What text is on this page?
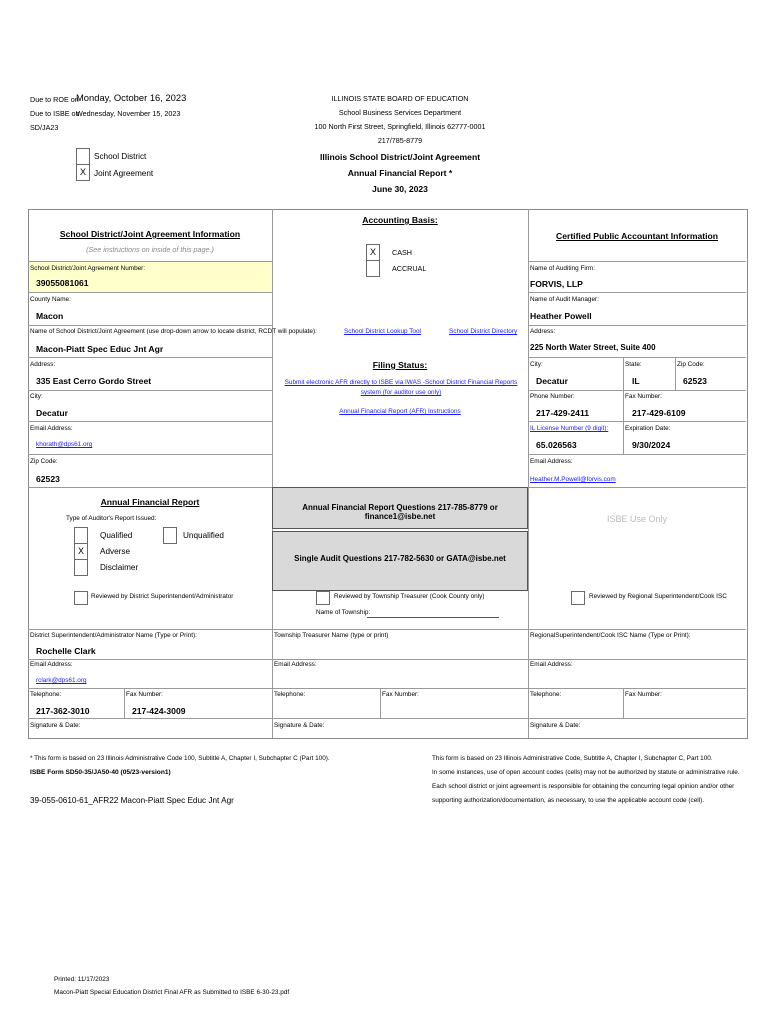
Due to ROE on
Monday, October 16, 2023
Due to ISBE on
Wednesday, November 15, 2023
SD/JA23
X
School District
Joint Agreement
ILLINOIS STATE BOARD OF EDUCATION
School Business Services Department
100 North First Street, Springfield, Illinois 62777-0001
217/785-8779
Illinois School District/Joint Agreement
Annual Financial Report *
June 30, 2023
School District/Joint Agreement Information
(See instructions on inside of this page.)
School District/Joint Agreement Number:
39055081061
County Name:
Macon
Name of School District/Joint Agreement (use drop-down arrow to locate district, RCDT will populate):
Macon-Piatt Spec Educ Jnt Agr
Address:
335 East Cerro Gordo Street
City:
Decatur
Email Address:
khorath@dps61.org
Zip Code:
62523
Accounting Basis:
X	CASH
ACCRUAL
School District Lookup Tool	School District Directory
Filing Status:
Submit electronic AFR directly to ISBE via IWAS -School District Financial Reports system (for auditor use only)
Annual Financial Report (AFR) Instructions
Certified Public Accountant Information
Name of Auditing Firm:
FORVIS, LLP
Name of Audit Manager:
Heather Powell
Address:
225 North Water Street, Suite 400
City:
Decatur
State:
IL
Zip Code:
62523
Phone Number:
217-429-2411
Fax Number:
217-429-6109
IL License Number (9 digit):
65.026563
Expiration Date:
9/30/2024
Email Address:
Heather.M.Powell@forvis.com
Annual Financial Report
Type of Auditor's Report Issued:
X
Qualified
Adverse
Disclaimer
Unqualified
Annual Financial Report Questions 217-785-8779 or finance1@isbe.net
Single Audit Questions 217-782-5630 or GATA@isbe.net
ISBE Use Only
Reviewed by District Superintendent/Administrator	Reviewed by Township Treasurer (Cook County only)
Name of Township:
Reviewed by Regional Superintendent/Cook ISC
District Superintendent/Administrator Name (Type or Print):
Rochelle Clark
Email Address:
rclark@dps61.org
Telephone:
217-362-3010
Fax Number:
217-424-3009
Signature & Date:
Township Treasurer Name (type or print)
Email Address:
Telephone:	Fax Number:
Signature & Date:
RegionalSuperintendent/Cook ISC Name (Type or Print):
Email Address:
Telephone:	Fax Number:
Signature & Date:
* This form is based on 23 Illinois Administrative Code 100, Subtitle A, Chapter I, Subchapter C (Part 100).
ISBE Form SD50-35/JA50-40 (05/23-version1)
39-055-0610-61_AFR22 Macon-Piatt Spec Educ Jnt Agr
This form is based on 23 Illinois Administrative Code, Subtitle A, Chapter I, Subchapter C, Part 100.
In some instances, use of open account codes (cells) may not be authorized by statute or administrative rule.
Each school district or joint agreement is responsible for obtaining the concurring legal opinion and/or other
supporting authorization/documentation, as necessary, to use the applicable account code (cell).
Printed: 11/17/2023
Macon-Piatt Special Education District Final AFR as Submitted to ISBE 6-30-23.pdf
